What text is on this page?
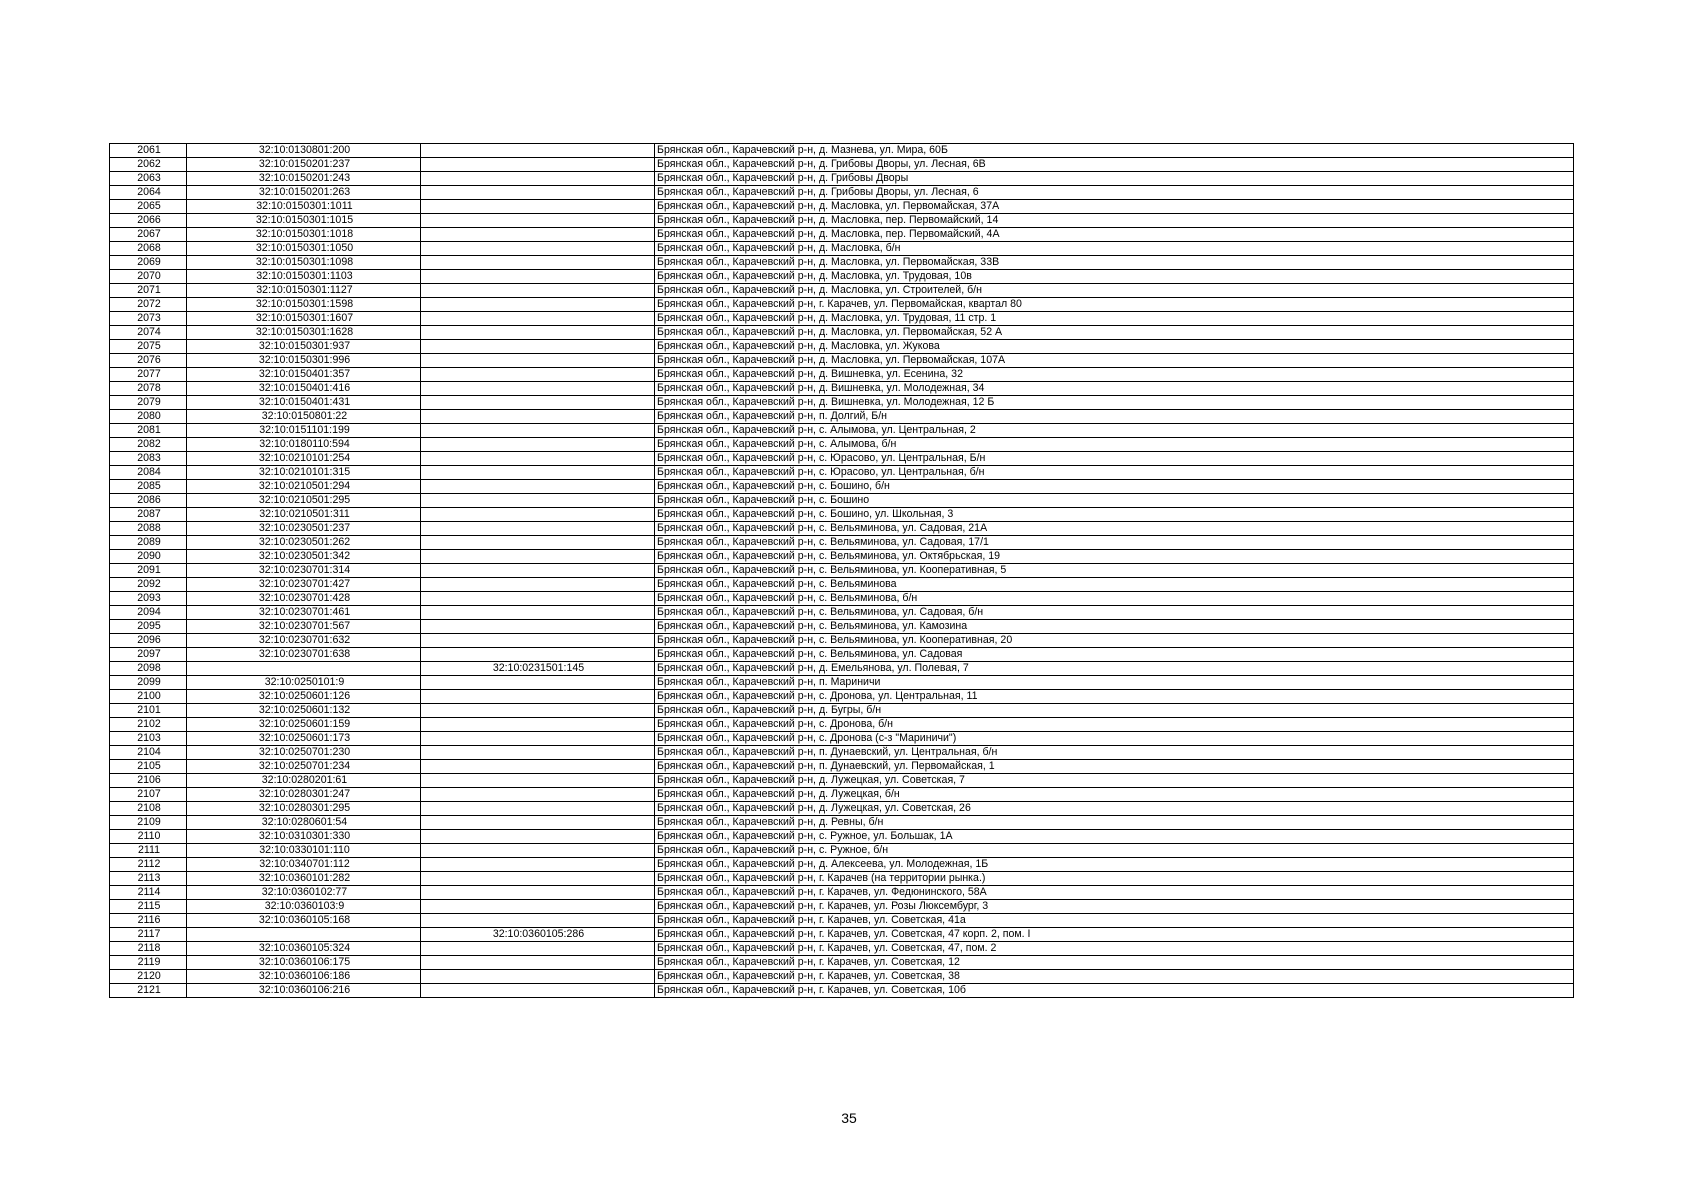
2061	32:10:0130801:200		Брянская обл., Карачевский р-н, д. Мазнева, ул. Мира, 60Б
2062	32:10:0150201:237		Брянская обл., Карачевский р-н, д. Грибовы Дворы, ул. Лесная, 6В
2063	32:10:0150201:243		Брянская обл., Карачевский р-н, д. Грибовы Дворы
2064	32:10:0150201:263		Брянская обл., Карачевский р-н, д. Грибовы Дворы, ул. Лесная, 6
2065	32:10:0150301:1011		Брянская обл., Карачевский р-н, д. Масловка, ул. Первомайская, 37А
2066	32:10:0150301:1015		Брянская обл., Карачевский р-н, д. Масловка, пер. Первомайский, 14
2067	32:10:0150301:1018		Брянская обл., Карачевский р-н, д. Масловка, пер. Первомайский, 4А
2068	32:10:0150301:1050		Брянская обл., Карачевский р-н, д. Масловка, б/н
2069	32:10:0150301:1098		Брянская обл., Карачевский р-н, д. Масловка, ул. Первомайская, 33В
2070	32:10:0150301:1103		Брянская обл., Карачевский р-н, д. Масловка, ул. Трудовая, 10в
2071	32:10:0150301:1127		Брянская обл., Карачевский р-н, д. Масловка, ул. Строителей, б/н
2072	32:10:0150301:1598		Брянская обл., Карачевский р-н, г. Карачев, ул. Первомайская, квартал 80
2073	32:10:0150301:1607		Брянская обл., Карачевский р-н, д. Масловка, ул. Трудовая, 11 стр. 1
2074	32:10:0150301:1628		Брянская обл., Карачевский р-н, д. Масловка, ул. Первомайская, 52 А
2075	32:10:0150301:937		Брянская обл., Карачевский р-н, д. Масловка, ул. Жукова
2076	32:10:0150301:996		Брянская обл., Карачевский р-н, д. Масловка, ул. Первомайская, 107А
2077	32:10:0150401:357		Брянская обл., Карачевский р-н, д. Вишневка, ул. Есенина, 32
2078	32:10:0150401:416		Брянская обл., Карачевский р-н, д. Вишневка, ул. Молодежная, 34
2079	32:10:0150401:431		Брянская обл., Карачевский р-н, д. Вишневка, ул. Молодежная, 12 Б
2080	32:10:0150801:22		Брянская обл., Карачевский р-н, п. Долгий, Б/н
2081	32:10:0151101:199		Брянская обл., Карачевский р-н, с. Алымова, ул. Центральная, 2
2082	32:10:0180110:594		Брянская обл., Карачевский р-н, с. Алымова, б/н
2083	32:10:0210101:254		Брянская обл., Карачевский р-н, с. Юрасово, ул. Центральная, Б/н
2084	32:10:0210101:315		Брянская обл., Карачевский р-н, с. Юрасово, ул. Центральная, б/н
2085	32:10:0210501:294		Брянская обл., Карачевский р-н, с. Бошино, б/н
2086	32:10:0210501:295		Брянская обл., Карачевский р-н, с. Бошино
2087	32:10:0210501:311		Брянская обл., Карачевский р-н, с. Бошино, ул. Школьная, 3
2088	32:10:0230501:237		Брянская обл., Карачевский р-н, с. Вельяминова, ул. Садовая, 21А
2089	32:10:0230501:262		Брянская обл., Карачевский р-н, с. Вельяминова, ул. Садовая, 17/1
2090	32:10:0230501:342		Брянская обл., Карачевский р-н, с. Вельяминова, ул. Октябрьская, 19
2091	32:10:0230701:314		Брянская обл., Карачевский р-н, с. Вельяминова, ул. Кооперативная, 5
2092	32:10:0230701:427		Брянская обл., Карачевский р-н, с. Вельяминова
2093	32:10:0230701:428		Брянская обл., Карачевский р-н, с. Вельяминова, б/н
2094	32:10:0230701:461		Брянская обл., Карачевский р-н, с. Вельяминова, ул. Садовая, б/н
2095	32:10:0230701:567		Брянская обл., Карачевский р-н, с. Вельяминова, ул. Камозина
2096	32:10:0230701:632		Брянская обл., Карачевский р-н, с. Вельяминова, ул. Кооперативная, 20
2097	32:10:0230701:638		Брянская обл., Карачевский р-н, с. Вельяминова, ул. Садовая
2098		32:10:0231501:145	Брянская обл., Карачевский р-н, д. Емельянова, ул. Полевая, 7
2099	32:10:0250101:9		Брянская обл., Карачевский р-н, п. Мариничи
2100	32:10:0250601:126		Брянская обл., Карачевский р-н, с. Дронова, ул. Центральная, 11
2101	32:10:0250601:132		Брянская обл., Карачевский р-н, д. Бугры, б/н
2102	32:10:0250601:159		Брянская обл., Карачевский р-н, с. Дронова, б/н
2103	32:10:0250601:173		Брянская обл., Карачевский р-н, с. Дронова (с-з "Мариничи")
2104	32:10:0250701:230		Брянская обл., Карачевский р-н, п. Дунаевский, ул. Центральная, б/н
2105	32:10:0250701:234		Брянская обл., Карачевский р-н, п. Дунаевский, ул. Первомайская, 1
2106	32:10:0280201:61		Брянская обл., Карачевский р-н, д. Лужецкая, ул. Советская, 7
2107	32:10:0280301:247		Брянская обл., Карачевский р-н, д. Лужецкая, б/н
2108	32:10:0280301:295		Брянская обл., Карачевский р-н, д. Лужецкая, ул. Советская, 26
2109	32:10:0280601:54		Брянская обл., Карачевский р-н, д. Ревны, б/н
2110	32:10:0310301:330		Брянская обл., Карачевский р-н, с. Ружное, ул. Большак, 1А
2111	32:10:0330101:110		Брянская обл., Карачевский р-н, с. Ружное, б/н
2112	32:10:0340701:112		Брянская обл., Карачевский р-н, д. Алексеева, ул. Молодежная, 1Б
2113	32:10:0360101:282		Брянская обл., Карачевский р-н, г. Карачев (на территории рынка.)
2114	32:10:0360102:77		Брянская обл., Карачевский р-н, г. Карачев, ул. Федюнинского, 58А
2115	32:10:0360103:9		Брянская обл., Карачевский р-н, г. Карачев, ул. Розы Люксембург, 3
2116	32:10:0360105:168		Брянская обл., Карачевский р-н, г. Карачев, ул. Советская, 41а
2117		32:10:0360105:286	Брянская обл., Карачевский р-н, г. Карачев, ул. Советская, 47 корп. 2, пом. I
2118	32:10:0360105:324		Брянская обл., Карачевский р-н, г. Карачев, ул. Советская, 47, пом. 2
2119	32:10:0360106:175		Брянская обл., Карачевский р-н, г. Карачев, ул. Советская, 12
2120	32:10:0360106:186		Брянская обл., Карачевский р-н, г. Карачев, ул. Советская, 38
2121	32:10:0360106:216		Брянская обл., Карачевский р-н, г. Карачев, ул. Советская, 10б
35
